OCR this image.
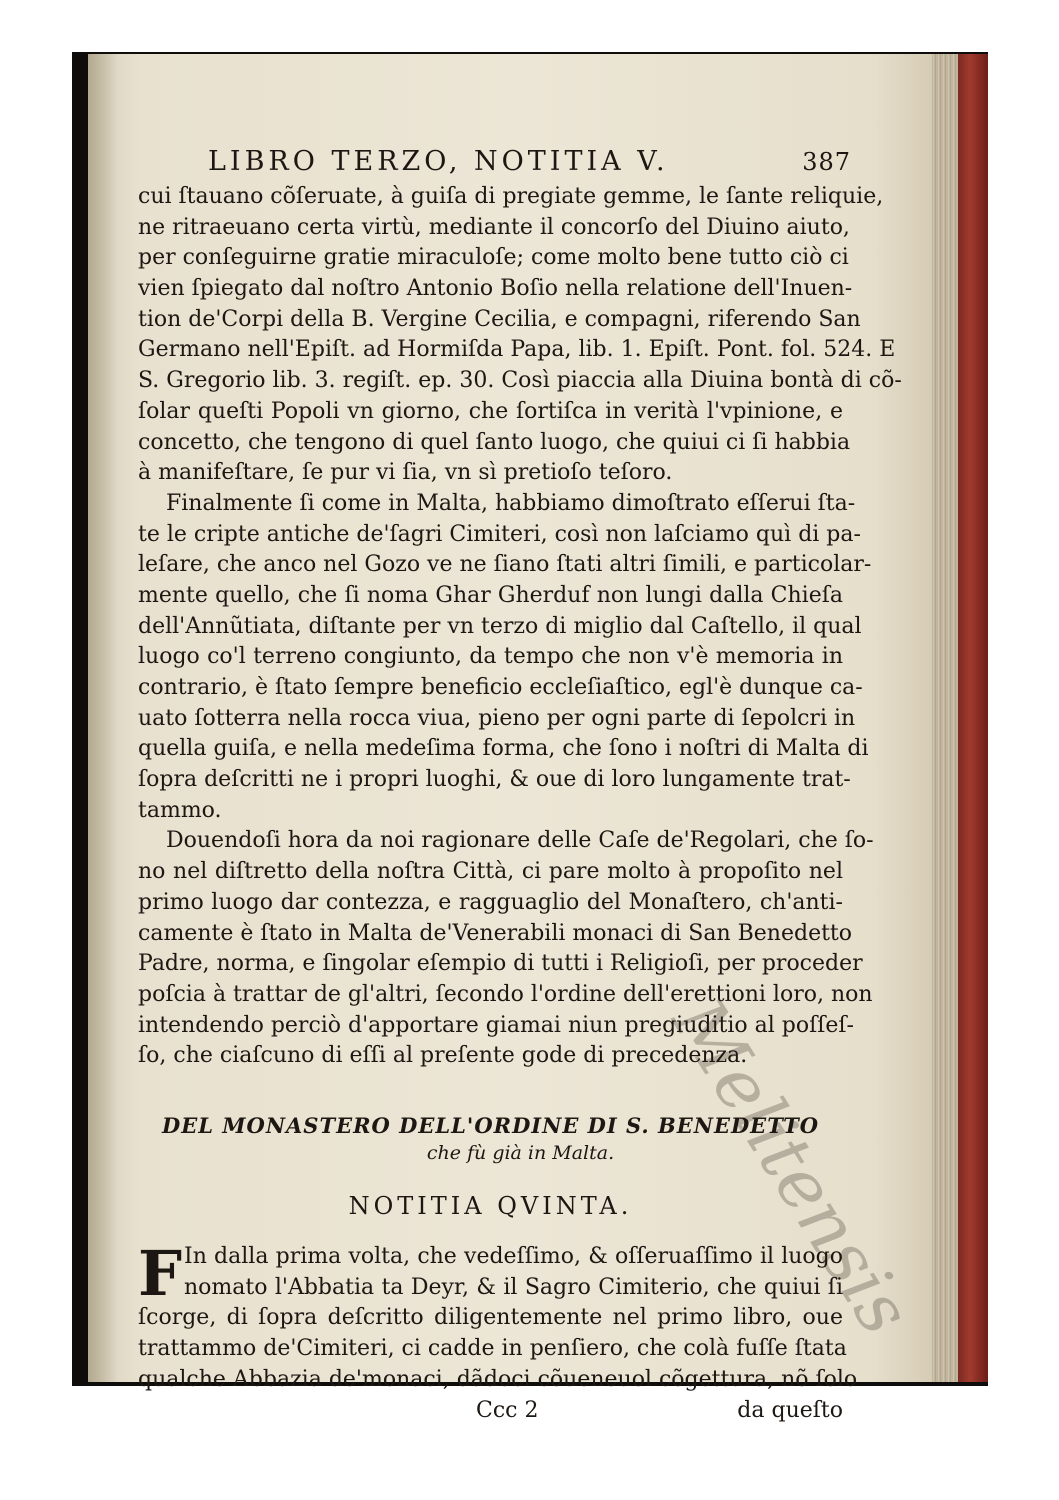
Melitensis
LIBRO TERZO, NOTITIA V.	387
cui ſtauano cõſeruate, à guiſa di pregiate gemme, le ſante reliquie,
ne ritraeuano certa virtù, mediante il concorſo del Diuino aiuto,
per conſeguirne gratie miraculoſe; come molto bene tutto ciò ci
vien ſpiegato dal noſtro Antonio Boſio nella relatione dell'Inuen-
tion de'Corpi della B. Vergine Cecilia, e compagni, riferendo San
Germano nell'Epiſt. ad Hormiſda Papa, lib. 1. Epiſt. Pont. fol. 524. E
S. Gregorio lib. 3. regiſt. ep. 30. Così piaccia alla Diuina bontà di cõ-
ſolar queſti Popoli vn giorno, che ſortiſca in verità l'vpinione, e
concetto, che tengono di quel ſanto luogo, che quiui ci ſi habbia
à manifeſtare, ſe pur vi ſia, vn sì pretioſo teſoro.
Finalmente ſi come in Malta, habbiamo dimoſtrato eſſerui ſta-
te le cripte antiche de'ſagri Cimiteri, così non laſciamo quì di pa-
leſare, che anco nel Gozo ve ne ſiano ſtati altri ſimili, e particolar-
mente quello, che ſi noma Ghar Gherduf non lungi dalla Chieſa
dell'Annũtiata, diſtante per vn terzo di miglio dal Caſtello, il qual
luogo co'l terreno congiunto, da tempo che non v'è memoria in
contrario, è ſtato ſempre beneficio eccleſiaſtico, egl'è dunque ca-
uato ſotterra nella rocca viua, pieno per ogni parte di ſepolcri in
quella guiſa, e nella medeſima forma, che ſono i noſtri di Malta di
ſopra deſcritti ne i propri luoghi, & oue di loro lungamente trat-
tammo.
Douendoſi hora da noi ragionare delle Caſe de'Regolari, che ſo-
no nel diſtretto della noſtra Città, ci pare molto à propoſito nel
primo luogo dar contezza, e ragguaglio del Monaſtero, ch'anti-
camente è ſtato in Malta de'Venerabili monaci di San Benedetto
Padre, norma, e ſingolar eſempio di tutti i Religioſi, per proceder
poſcia à trattar de gl'altri, ſecondo l'ordine dell'erettioni loro, non
intendendo perciò d'apportare giamai niun pregiuditio al poſſeſ-
ſo, che ciaſcuno di eſſi al preſente gode di precedenza.
DEL MONASTERO DELL'ORDINE DI S. BENEDETTO
che fù già in Malta.
NOTITIA QVINTA.
F In dalla prima volta, che vedeſſimo, & oſſeruaſſimo il luogo
nomato l'Abbatia ta Deyr, & il Sagro Cimiterio, che quiui ſi
ſcorge, di ſopra deſcritto diligentemente nel primo libro, oue
trattammo de'Cimiteri, ci cadde in penſiero, che colà fuſſe ſtata
qualche Abbazia de'monaci, dãdoci cõueneuol cõgettura, nõ ſolo
Ccc 2	da queſto
